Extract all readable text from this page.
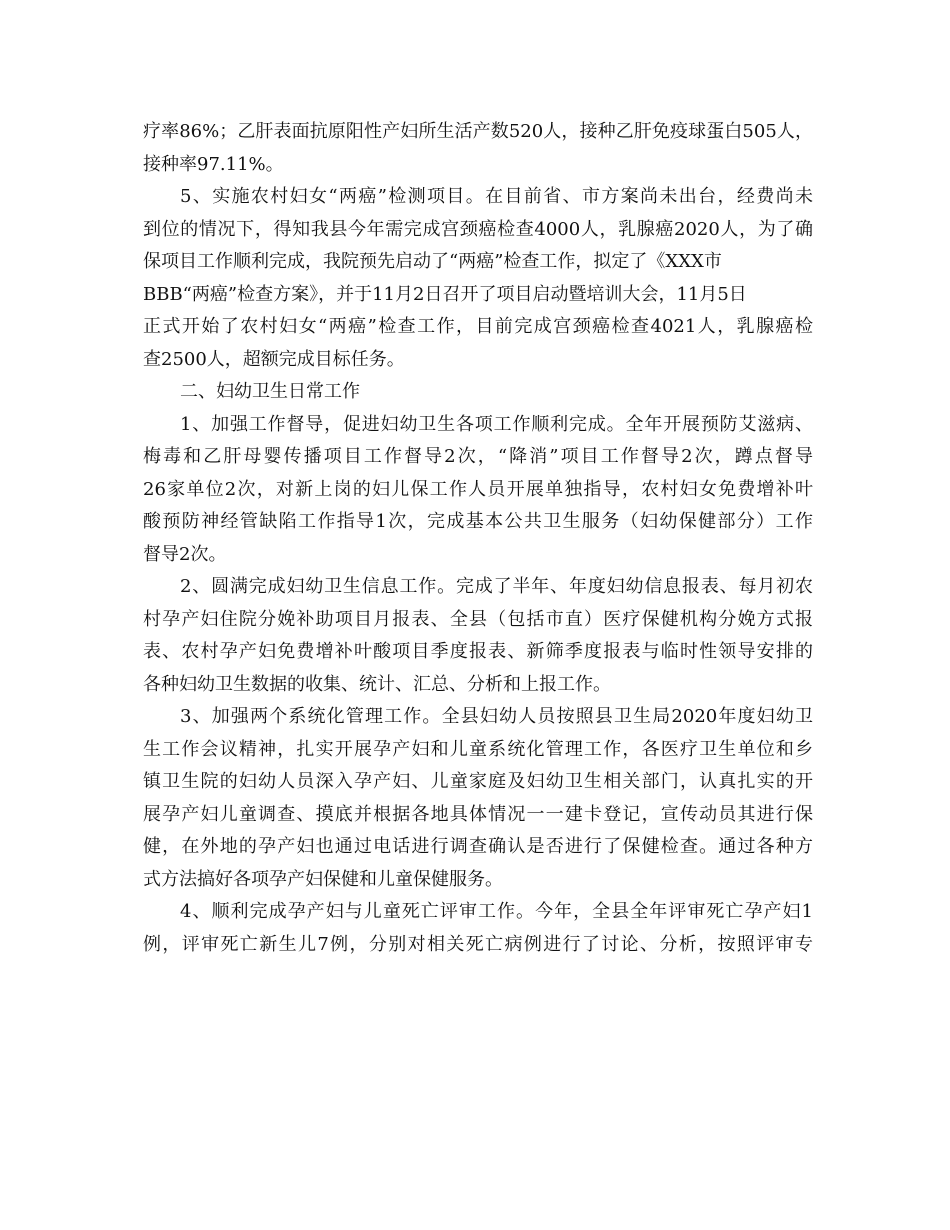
疗率86%；乙肝表面抗原阳性产妇所生活产数520人，接种乙肝免疫球蛋白505人，
接种率97.11%。
5、实施农村妇女“两癌”检测项目。在目前省、市方案尚未出台，经费尚未
到位的情况下，得知我县今年需完成宫颈癌检查4000人，乳腺癌2020人，为了确
保项目工作顺利完成，我院预先启动了“两癌”检查工作，拟定了《XXX市
BBB“两癌”检查方案》，并于11月2日召开了项目启动暨培训大会，11月5日
正式开始了农村妇女“两癌”检查工作，目前完成宫颈癌检查4021人，乳腺癌检
查2500人，超额完成目标任务。
二、妇幼卫生日常工作
1、加强工作督导，促进妇幼卫生各项工作顺利完成。全年开展预防艾滋病、
梅毒和乙肝母婴传播项目工作督导2次，“降消”项目工作督导2次，蹲点督导
26家单位2次，对新上岗的妇儿保工作人员开展单独指导，农村妇女免费增补叶
酸预防神经管缺陷工作指导1次，完成基本公共卫生服务（妇幼保健部分）工作
督导2次。
2、圆满完成妇幼卫生信息工作。完成了半年、年度妇幼信息报表、每月初农
村孕产妇住院分娩补助项目月报表、全县（包括市直）医疗保健机构分娩方式报
表、农村孕产妇免费增补叶酸项目季度报表、新筛季度报表与临时性领导安排的
各种妇幼卫生数据的收集、统计、汇总、分析和上报工作。
3、加强两个系统化管理工作。全县妇幼人员按照县卫生局2020年度妇幼卫
生工作会议精神，扎实开展孕产妇和儿童系统化管理工作，各医疗卫生单位和乡
镇卫生院的妇幼人员深入孕产妇、儿童家庭及妇幼卫生相关部门，认真扎实的开
展孕产妇儿童调查、摸底并根据各地具体情况一一建卡登记，宣传动员其进行保
健，在外地的孕产妇也通过电话进行调查确认是否进行了保健检查。通过各种方
式方法搞好各项孕产妇保健和儿童保健服务。
4、顺利完成孕产妇与儿童死亡评审工作。今年，全县全年评审死亡孕产妇1
例，评审死亡新生儿7例，分别对相关死亡病例进行了讨论、分析，按照评审专
